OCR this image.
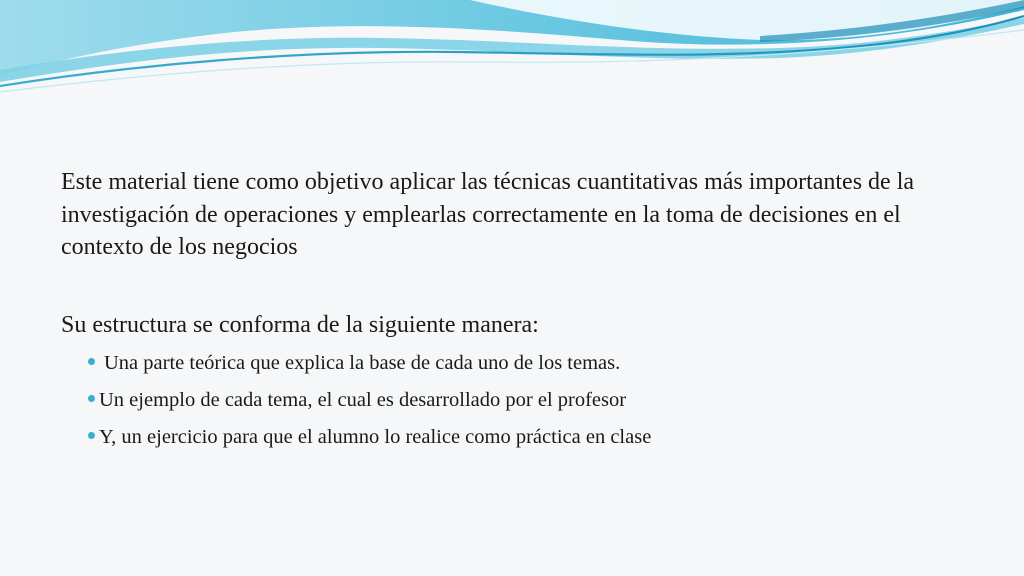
Este material tiene como objetivo aplicar las técnicas cuantitativas más importantes de la investigación de operaciones y emplearlas correctamente en la toma de decisiones en el contexto de los negocios

Su estructura se conforma de la siguiente manera:

Una parte teórica que explica la base de cada uno de los temas.
Un ejemplo de cada tema, el cual es desarrollado por el profesor
Y, un ejercicio para que el alumno lo realice como práctica en clase
